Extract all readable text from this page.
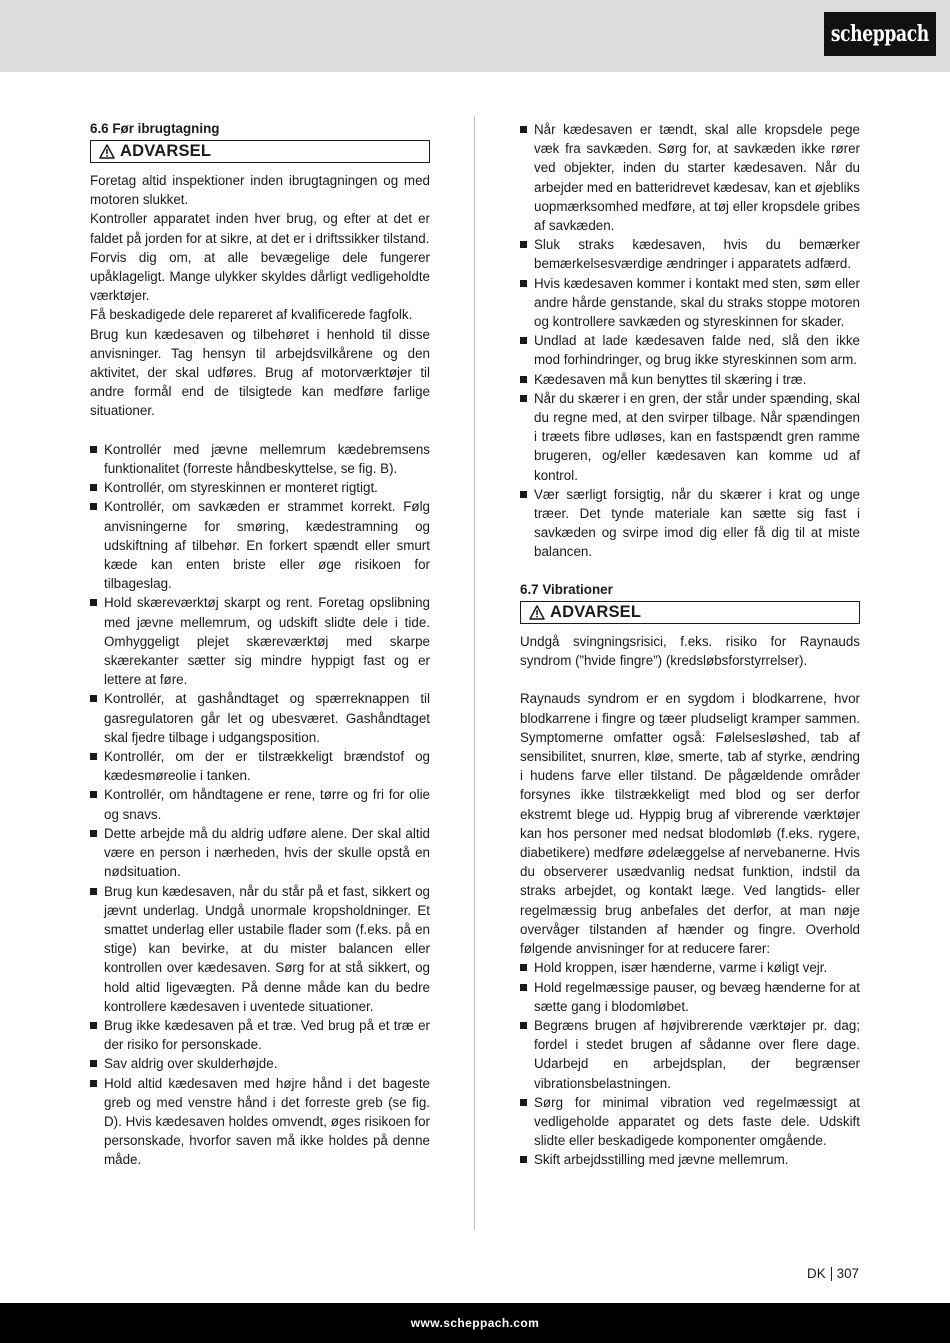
scheppach
6.6 Før ibrugtagning
ADVARSEL

Foretag altid inspektioner inden ibrugtagningen og med motoren slukket.

Kontroller apparatet inden hver brug, og efter at det er faldet på jorden for at sikre, at det er i driftssikker tilstand.

Forvis dig om, at alle bevægelige dele fungerer upåklageligt. Mange ulykker skyldes dårligt vedligeholdte værktøjer.

Få beskadigede dele repareret af kvalificerede fagfolk.

Brug kun kædesaven og tilbehøret i henhold til disse anvisninger. Tag hensyn til arbejdsvilkårene og den aktivitet, der skal udføres. Brug af motorværktøjer til andre formål end de tilsigtede kan medføre farlige situationer.

Kontrollér med jævne mellemrum kædebremsens funktionalitet (forreste håndbeskyttelse, se fig. B).
Kontrollér, om styreskinnen er monteret rigtigt.
Kontrollér, om savkæden er strammet korrekt. Følg anvisningerne for smøring, kædestramning og udskiftning af tilbehør. En forkert spændt eller smurt kæde kan enten briste eller øge risikoen for tilbageslag.
Hold skæreværktøj skarpt og rent. Foretag opslibning med jævne mellemrum, og udskift slidte dele i tide. Omhyggeligt plejet skæreværktøj med skarpe skærekanter sætter sig mindre hyppigt fast og er lettere at føre.
Kontrollér, at gashåndtaget og spærreknappen til gasregulatoren går let og ubesværet. Gashåndtaget skal fjedre tilbage i udgangsposition.
Kontrollér, om der er tilstrækkeligt brændstof og kædesmøreolie i tanken.
Kontrollér, om håndtagene er rene, tørre og fri for olie og snavs.
Dette arbejde må du aldrig udføre alene. Der skal altid være en person i nærheden, hvis der skulle opstå en nødsituation.
Brug kun kædesaven, når du står på et fast, sikkert og jævnt underlag. Undgå unormale kropsholdninger. Et smattet underlag eller ustabile flader som (f.eks. på en stige) kan bevirke, at du mister balancen eller kontrollen over kædesaven. Sørg for at stå sikkert, og hold altid ligevægten. På denne måde kan du bedre kontrollere kædesaven i uventede situationer.
Brug ikke kædesaven på et træ. Ved brug på et træ er der risiko for personskade.
Sav aldrig over skulderhøjde.
Hold altid kædesaven med højre hånd i det bageste greb og med venstre hånd i det forreste greb (se fig. D). Hvis kædesaven holdes omvendt, øges risikoen for personskade, hvorfor saven må ikke holdes på denne måde.
Når kædesaven er tændt, skal alle kropsdele pege væk fra savkæden. Sørg for, at savkæden ikke rører ved objekter, inden du starter kædesaven. Når du arbejder med en batteridrevet kædesav, kan et øjebliks uopmærksomhed medføre, at tøj eller kropsdele gribes af savkæden.
Sluk straks kædesaven, hvis du bemærker bemærkelsesværdige ændringer i apparatets adfærd.
Hvis kædesaven kommer i kontakt med sten, søm eller andre hårde genstande, skal du straks stoppe motoren og kontrollere savkæden og styreskinnen for skader.
Undlad at lade kædesaven falde ned, slå den ikke mod forhindringer, og brug ikke styreskinnen som arm.
Kædesaven må kun benyttes til skæring i træ.
Når du skærer i en gren, der står under spænding, skal du regne med, at den svirper tilbage. Når spændingen i træets fibre udløses, kan en fastspændt gren ramme brugeren, og/eller kædesaven kan komme ud af kontrol.
Vær særligt forsigtig, når du skærer i krat og unge træer. Det tynde materiale kan sætte sig fast i savkæden og svirpe imod dig eller få dig til at miste balancen.
6.7 Vibrationer
ADVARSEL

Undgå svingningsrisici, f.eks. risiko for Raynauds syndrom (”hvide fingre”) (kredsløbsforstyrrelser).

Raynauds syndrom er en sygdom i blodkarrene, hvor blodkarrene i fingre og tæer pludseligt kramper sammen. Symptomerne omfatter også: Følelsesløshed, tab af sensibilitet, snurren, kløe, smerte, tab af styrke, ændring i hudens farve eller tilstand. De pågældende områder forsynes ikke tilstrækkeligt med blod og ser derfor ekstremt blege ud. Hyppig brug af vibrerende værktøjer kan hos personer med nedsat blodomløb (f.eks. rygere, diabetikere) medføre ødelæggelse af nervebanerne. Hvis du observerer usædvanlig nedsat funktion, indstil da straks arbejdet, og kontakt læge. Ved langtids- eller regelmæssig brug anbefales det derfor, at man nøje overvåger tilstanden af hænder og fingre. Overhold følgende anvisninger for at reducere farer:

Hold kroppen, især hænderne, varme i køligt vejr.
Hold regelmæssige pauser, og bevæg hænderne for at sætte gang i blodomløbet.
Begræns brugen af højvibrerende værktøjer pr. dag; fordel i stedet brugen af sådanne over flere dage. Udarbejd en arbejdsplan, der begrænser vibrationsbelastningen.
Sørg for minimal vibration ved regelmæssigt at vedligeholde apparatet og dets faste dele. Udskift slidte eller beskadigede komponenter omgående.
Skift arbejdsstilling med jævne mellemrum.
DK 307
www.scheppach.com
